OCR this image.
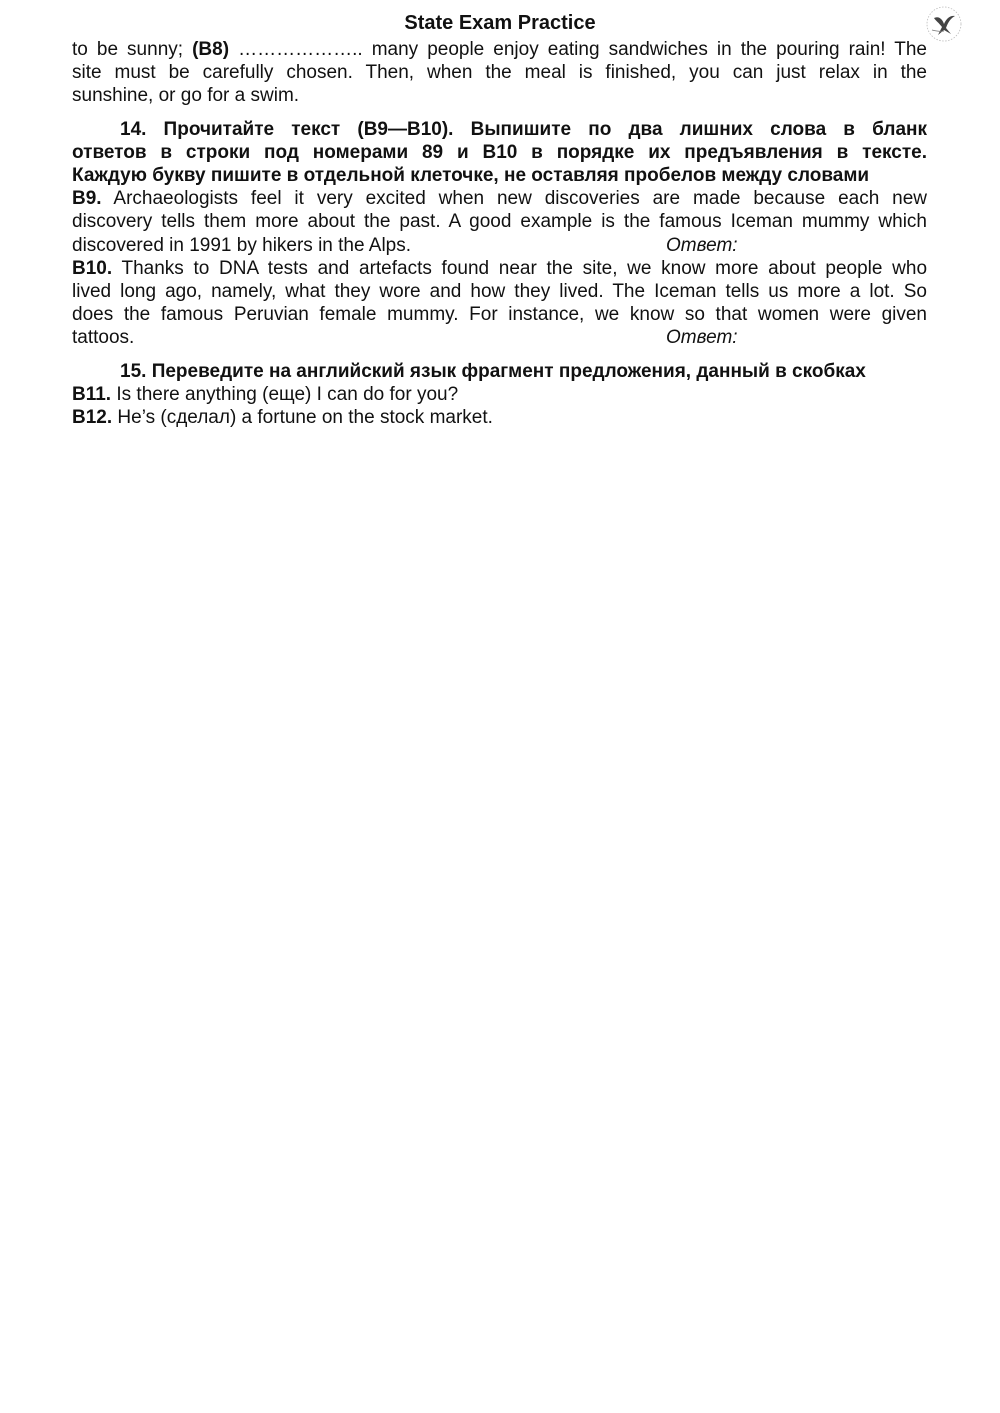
State Exam Practice
to be sunny; (B8) ……………….. many people enjoy eating sandwiches in the pouring rain! The
site must be carefully chosen. Then, when the meal is finished, you can just relax in the
sunshine, or go for a swim.
14. Прочитайте текст (В9—В10). Выпишите по два лишних слова в бланк
ответов в строки под номерами 89 и В10 в порядке их предъявления в тексте.
Каждую букву пишите в отдельной клеточке, не оставляя пробелов между словами
B9. Archaeologists feel it very excited when new discoveries are made because each new
discovery tells them more about the past. A good example is the famous Iceman mummy which
discovered in 1991 by hikers in the Alps.	Ответ:
B10. Thanks to DNA tests and artefacts found near the site, we know more about people who
lived long ago, namely, what they wore and how they lived. The Iceman tells us more a lot. So
does the famous Peruvian female mummy. For instance, we know so that women were given
tattoos.	Ответ:
15. Переведите на английский язык фрагмент предложения, данный в скобках
B11. Is there anything (еще) I can do for you?
B12. He’s (сделал) a fortune on the stock market.
